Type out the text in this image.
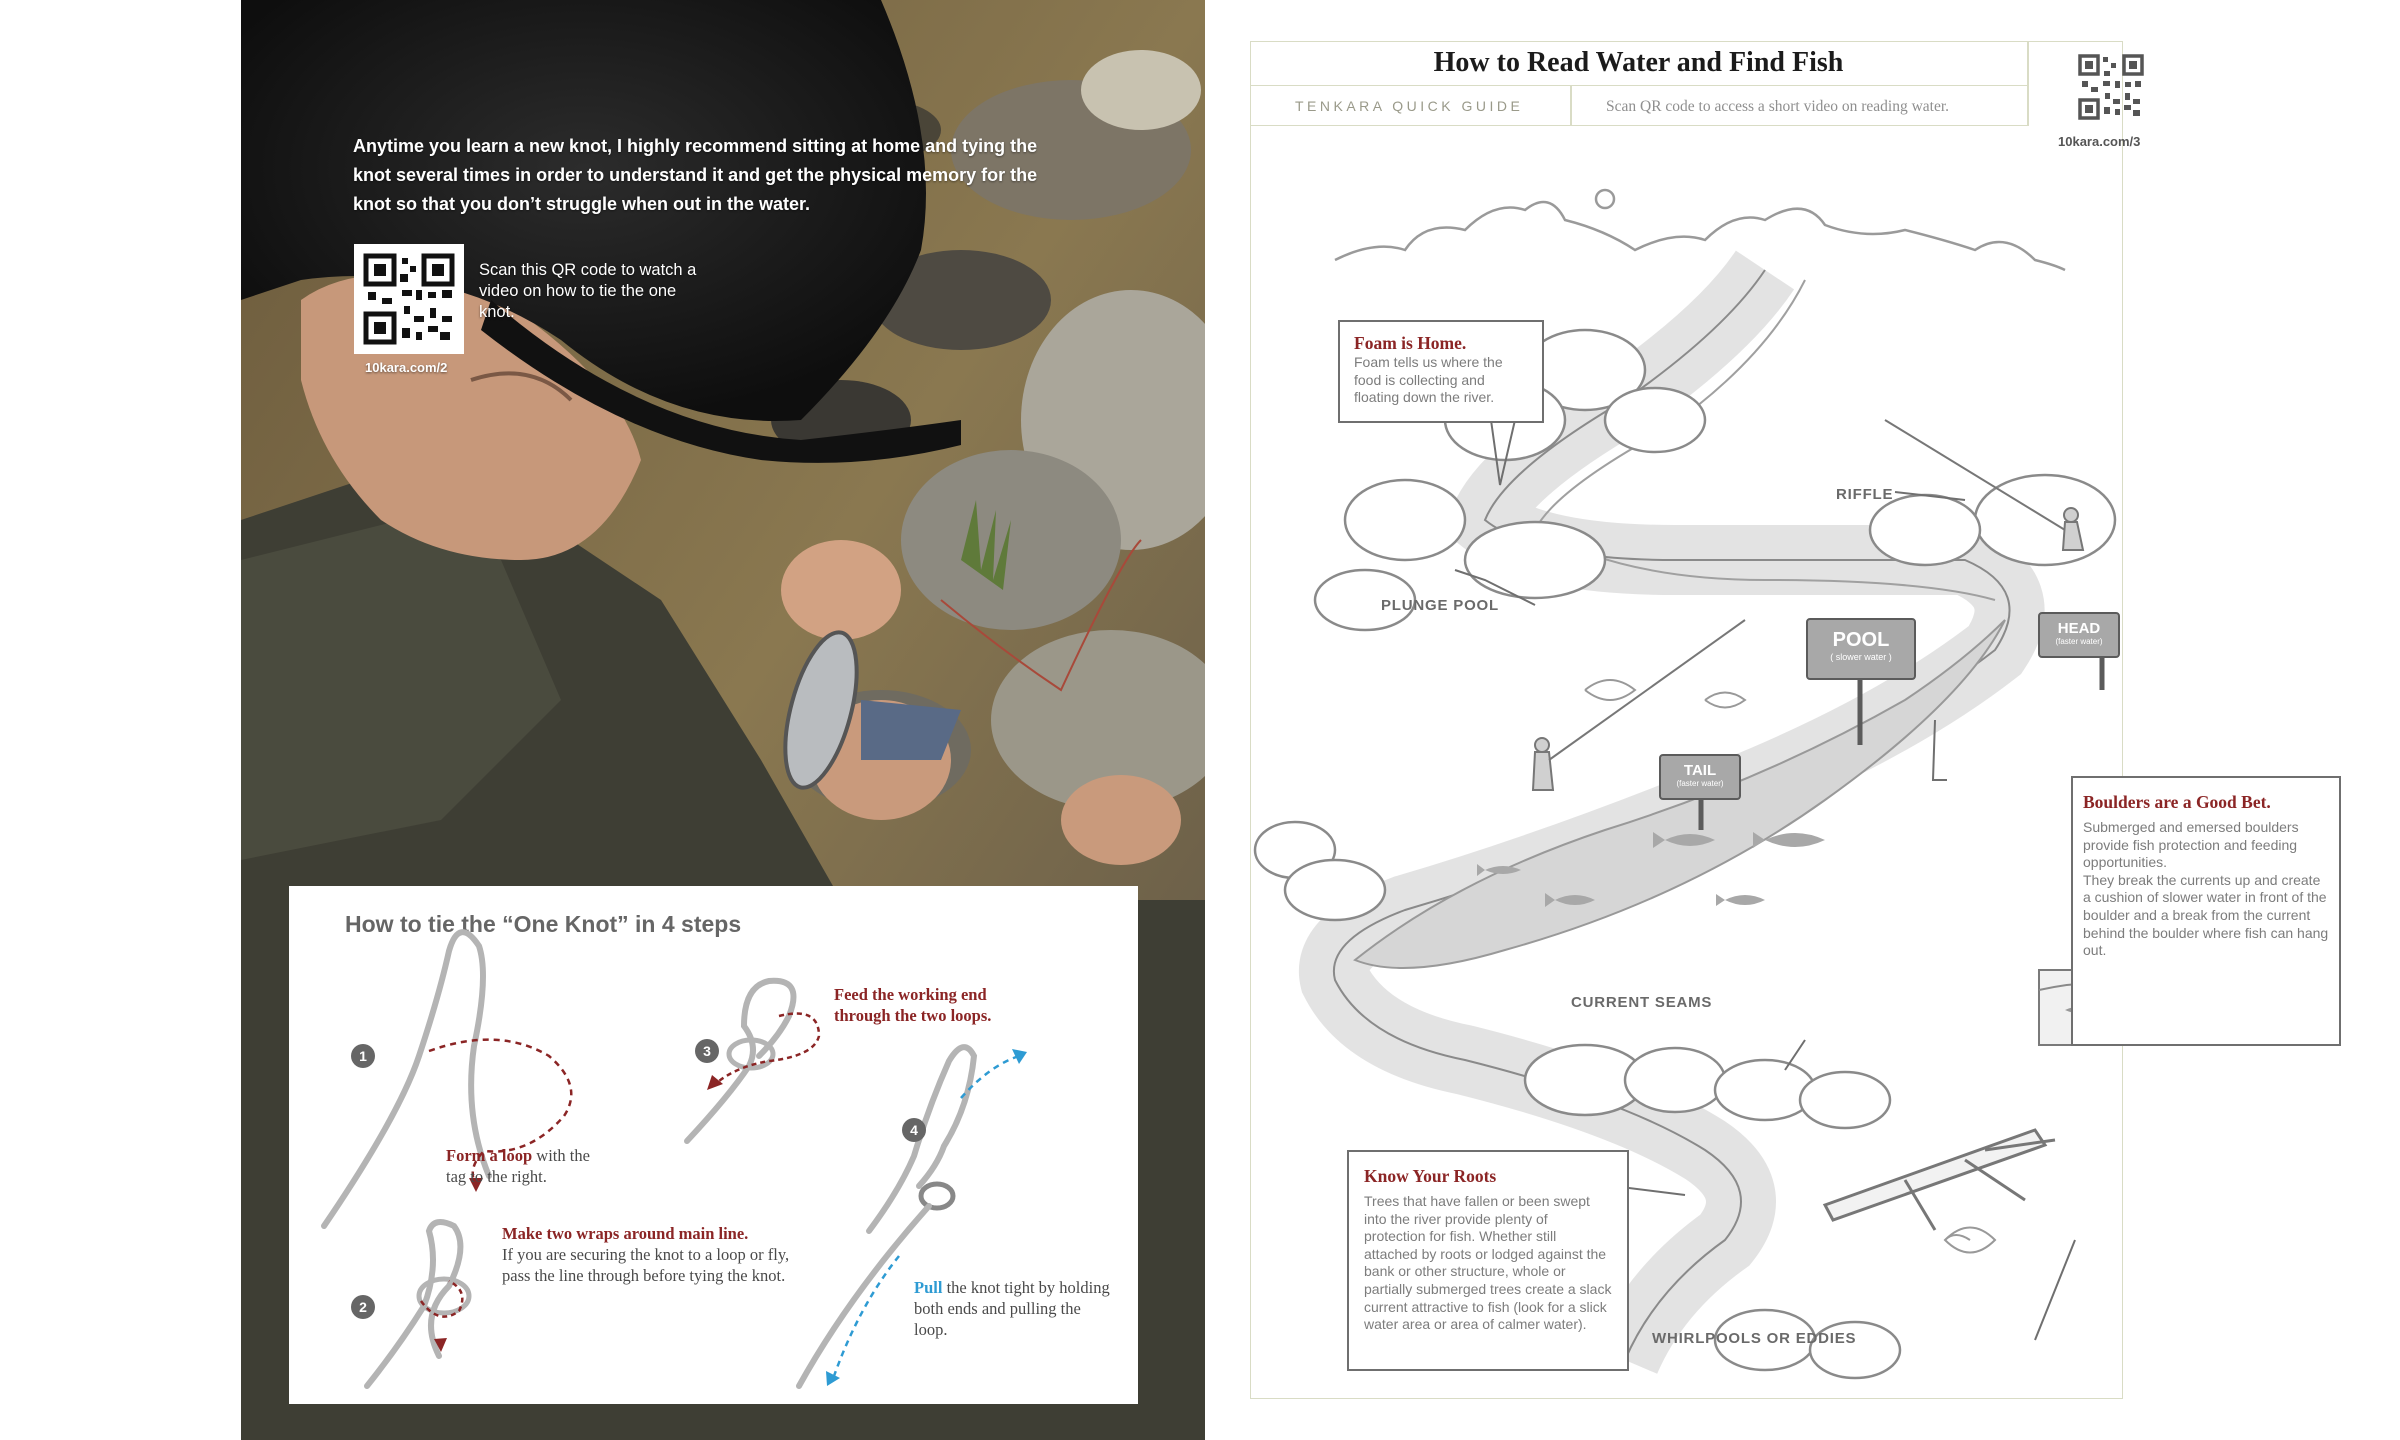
Anytime you learn a new knot, I highly recommend sitting at home and tying the knot several times in order to understand it and get the physical memory for the knot so that you don’t struggle when out in the water.
Scan this QR code to watch a video on how to tie the one knot.
10kara.com/2
How to tie the “One Knot” in 4 steps
1
2
3
4
Form a loop with the tag to the right.
Make two wraps around main line.
If you are securing the knot to a loop or fly, pass the line through before tying the knot.
Feed the working end through the two loops.
Pull the knot tight by holding both ends and pulling the loop.
How to Read Water and Find Fish
TENKARA QUICK GUIDE	Scan QR code to access a short video on reading water.
10kara.com/3
POOL
( slower water )
HEAD
(faster water)
TAIL
(faster water)
RIFFLE
PLUNGE POOL
CURRENT SEAMS
WHIRLPOOLS OR EDDIES
Foam is Home.
Foam tells us where the food is collecting and floating down the river.
Boulders are a Good Bet.
Submerged and emersed boulders provide fish protection and feeding opportunities.
They break the currents up and create a cushion of slower water in front of the boulder and a break from the current behind the boulder where fish can hang out.
Know Your Roots
Trees that have fallen or been swept into the river provide plenty of protection for fish. Whether still attached by roots or lodged against the bank or other structure, whole or partially submerged trees create a slack current attractive to fish (look for a slick water area or area of calmer water).
